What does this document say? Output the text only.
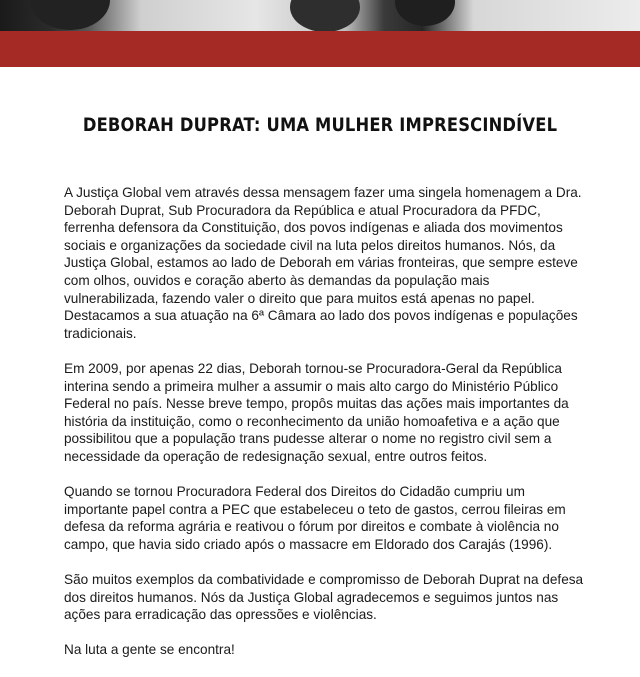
DEBORAH DUPRAT: UMA MULHER IMPRESCINDÍVEL

A Justiça Global vem através dessa mensagem fazer uma singela homenagem a Dra. Deborah Duprat, Sub Procuradora da República e atual Procuradora da PFDC, ferrenha defensora da Constituição, dos povos indígenas e aliada dos movimentos sociais e organizações da sociedade civil na luta pelos direitos humanos. Nós, da Justiça Global, estamos ao lado de Deborah em várias fronteiras, que sempre esteve com olhos, ouvidos e coração aberto às demandas da população mais vulnerabilizada, fazendo valer o direito que para muitos está apenas no papel. Destacamos a sua atuação na 6ª Câmara ao lado dos povos indígenas e populações tradicionais.

Em 2009, por apenas 22 dias, Deborah tornou-se Procuradora-Geral da República interina sendo a primeira mulher a assumir o mais alto cargo do Ministério Público Federal no país. Nesse breve tempo, propôs muitas das ações mais importantes da história da instituição, como o reconhecimento da união homoafetiva e a ação que possibilitou que a população trans pudesse alterar o nome no registro civil sem a necessidade da operação de redesignação sexual, entre outros feitos.

Quando se tornou Procuradora Federal dos Direitos do Cidadão cumpriu um importante papel contra a PEC que estabeleceu o teto de gastos, cerrou fileiras em defesa da reforma agrária e reativou o fórum por direitos e combate à violência no campo, que havia sido criado após o massacre em Eldorado dos Carajás (1996).

São muitos exemplos da combatividade e compromisso de Deborah Duprat na defesa dos direitos humanos. Nós da Justiça Global agradecemos e seguimos juntos nas ações para erradicação das opressões e violências.

Na luta a gente se encontra!
